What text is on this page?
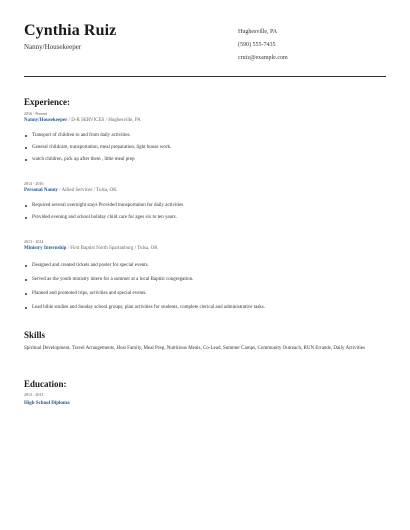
Cynthia Ruiz
Nanny/Housekeeper
Hughesville, PA
(590) 555-7435
cruiz@example.com
Experience:
2016 - Present
Nanny/Housekeeper / D-R SERVICES / Hughesville, PA
Transport of children to and from daily activities.
General childcare, transportation, meal preparation, light house work.
watch children, pick up after them , little meal prep
2014 - 2016
Personal Nanny / Allied Services / Tulsa, OK
Required several overnight stays Provided transportation for daily activities
Provided evening and school holiday child care for ages six to ten years.
2013 - 2014
Ministry Internship / First Baptist North Spartanburg / Tulsa, OK
Designed and created tickets and poster for special events.
Served as the youth ministry intern for a summer at a local Baptist congregation.
Planned and promoted trips, activities and special events.
Lead bible studies and Sunday school groups, plan activities for students, complete clerical and administrative tasks.
Skills
Spiritual Development, Travel Arrangements, Host Family, Meal Prep, Nutritious Meals, Co-Lead, Summer Camps, Community Outreach, RUN Errands, Daily Activities
Education:
2013 - 2013
High School Diploma
